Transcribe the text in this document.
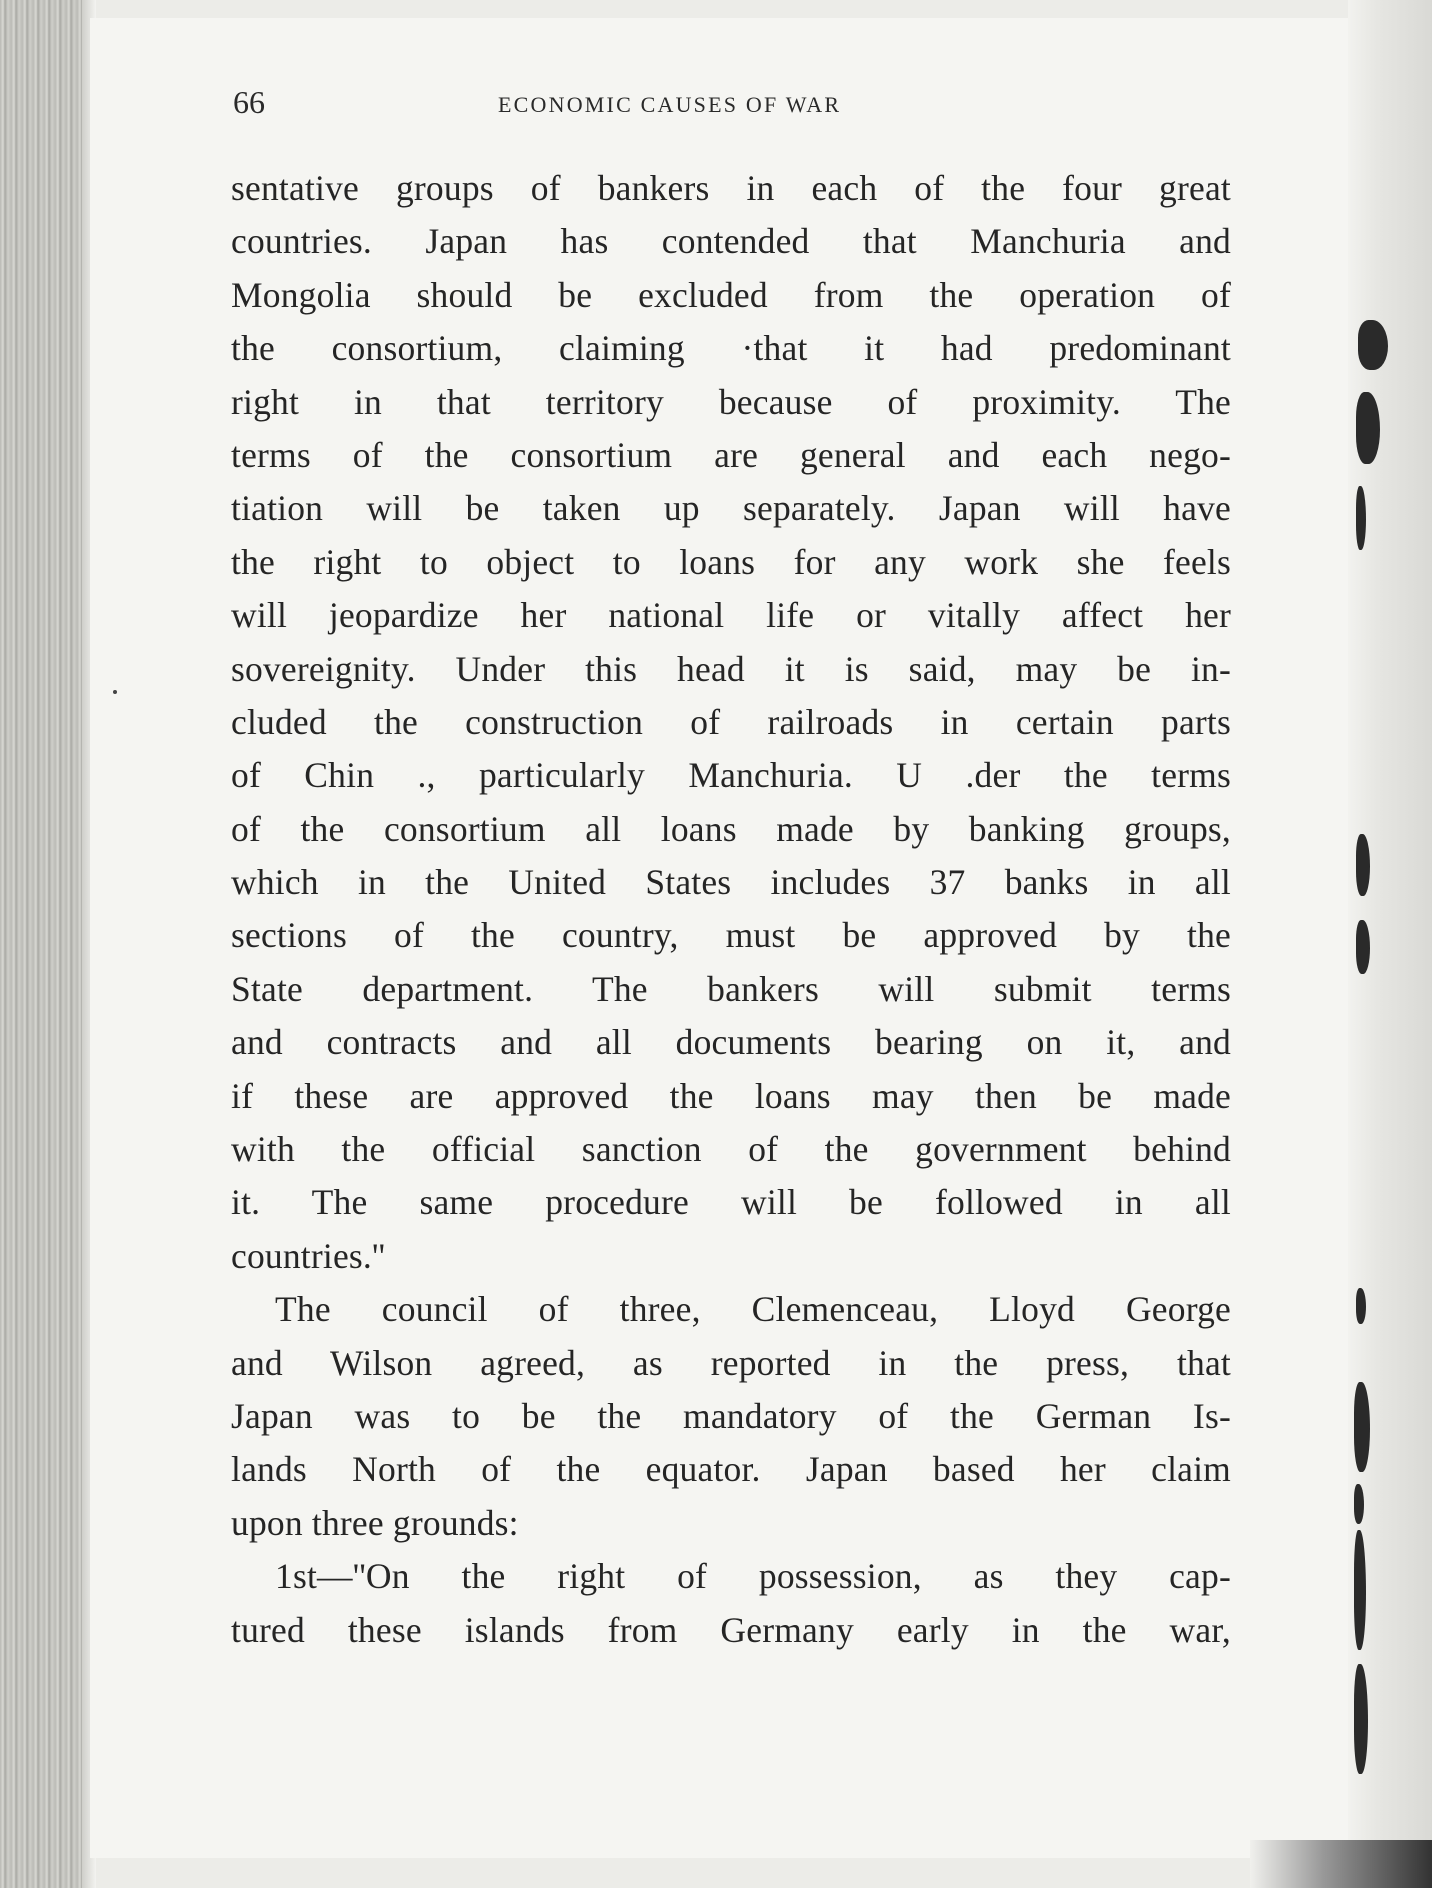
66	ECONOMIC CAUSES OF WAR
sentative groups of bankers in each of the four great
countries. Japan has contended that Manchuria and
Mongolia should be excluded from the operation of
the consortium, claiming ·that it had predominant
right in that territory because of proximity. The
terms of the consortium are general and each nego-
tiation will be taken up separately. Japan will have
the right to object to loans for any work she feels
will jeopardize her national life or vitally affect her
sovereignity. Under this head it is said, may be in-
cluded the construction of railroads in certain parts
of Chin ., particularly Manchuria. U .der the terms
of the consortium all loans made by banking groups,
which in the United States includes 37 banks in all
sections of the country, must be approved by the
State department. The bankers will submit terms
and contracts and all documents bearing on it, and
if these are approved the loans may then be made
with the official sanction of the government behind
it. The same procedure will be followed in all
countries.''
The council of three, Clemenceau, Lloyd George
and Wilson agreed, as reported in the press, that
Japan was to be the mandatory of the German Is-
lands North of the equator. Japan based her claim
upon three grounds:
1st—''On the right of possession, as they cap-
tured these islands from Germany early in the war,
